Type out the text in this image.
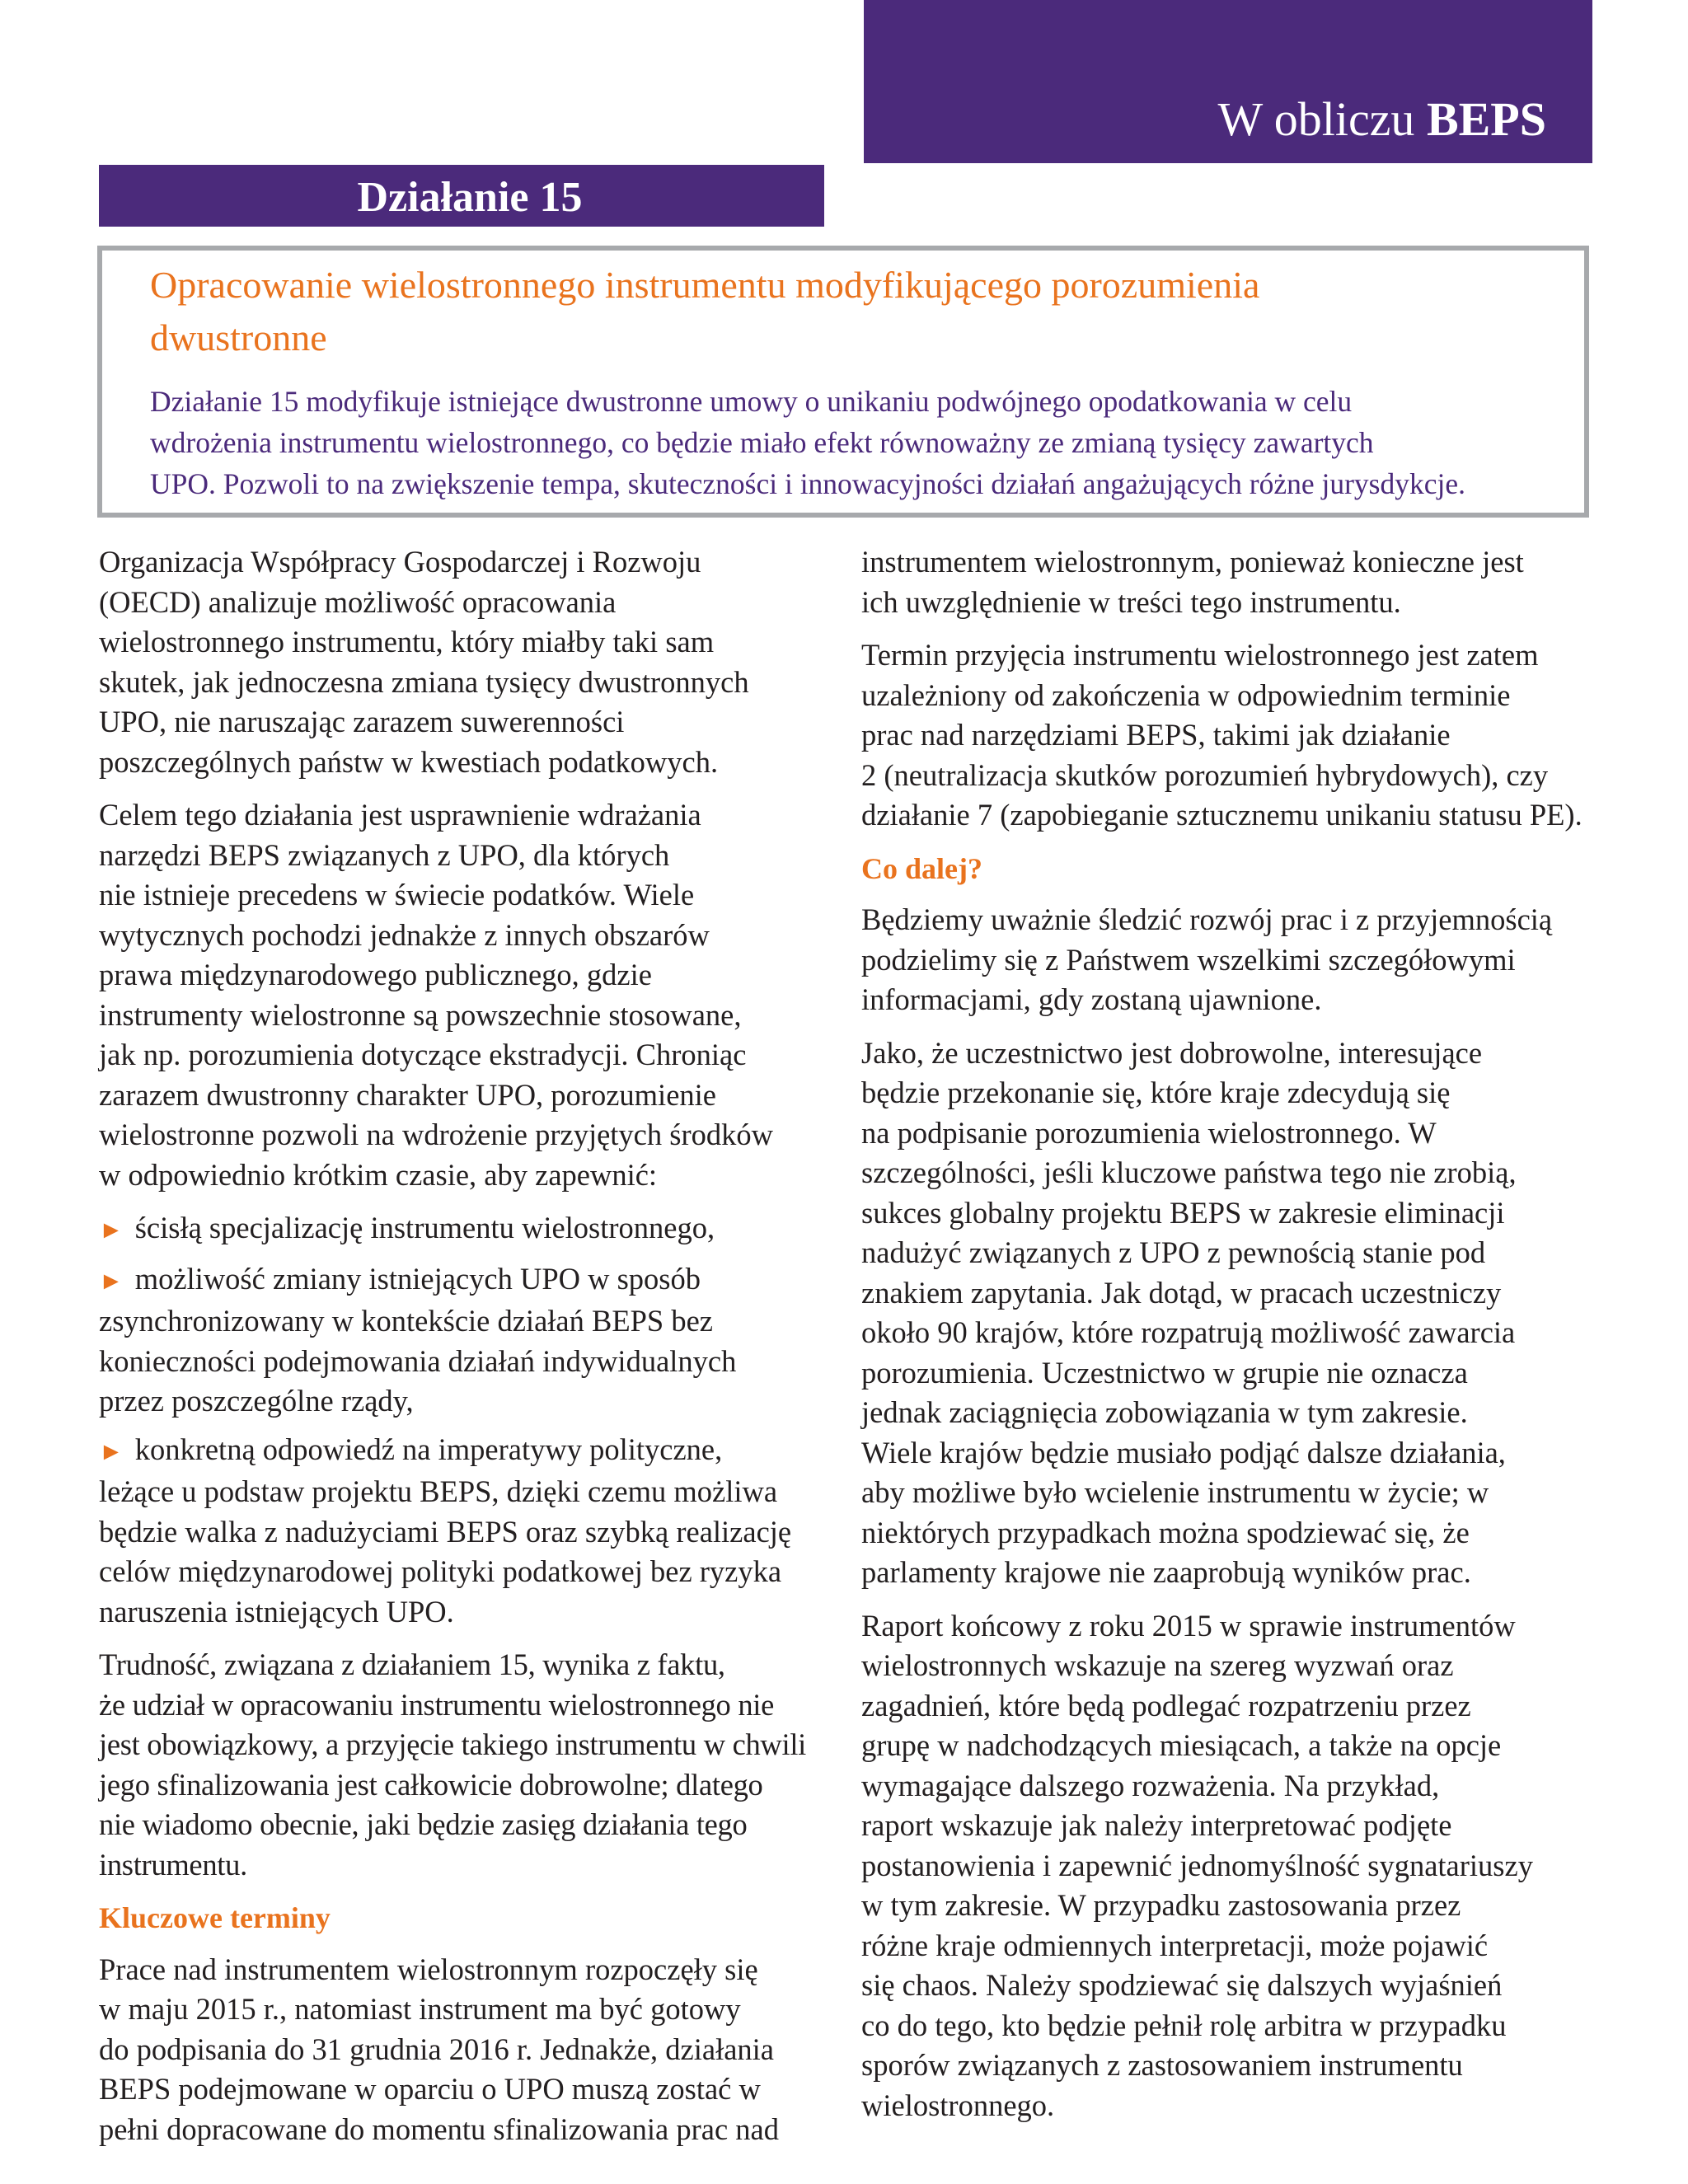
W obliczu BEPS
Działanie 15
Opracowanie wielostronnego instrumentu modyfikującego porozumienia
dwustronne

Działanie 15 modyfikuje istniejące dwustronne umowy o unikaniu podwójnego opodatkowania w celu
wdrożenia instrumentu wielostronnego, co będzie miało efekt równoważny ze zmianą tysięcy zawartych
UPO. Pozwoli to na zwiększenie tempa, skuteczności i innowacyjności działań angażujących różne jurysdykcje.

Organizacja Współpracy Gospodarczej i Rozwoju
(OECD) analizuje możliwość opracowania
wielostronnego instrumentu, który miałby taki sam
skutek, jak jednoczesna zmiana tysięcy dwustronnych
UPO, nie naruszając zarazem suwerenności
poszczególnych państw w kwestiach podatkowych.

Celem tego działania jest usprawnienie wdrażania
narzędzi BEPS związanych z UPO, dla których
nie istnieje precedens w świecie podatków. Wiele
wytycznych pochodzi jednakże z innych obszarów
prawa międzynarodowego publicznego, gdzie
instrumenty wielostronne są powszechnie stosowane,
jak np. porozumienia dotyczące ekstradycji. Chroniąc
zarazem dwustronny charakter UPO, porozumienie
wielostronne pozwoli na wdrożenie przyjętych środków
w odpowiednio krótkim czasie, aby zapewnić:

► ścisłą specjalizację instrumentu wielostronnego,
► możliwość zmiany istniejących UPO w sposób
zsynchronizowany w kontekście działań BEPS bez
konieczności podejmowania działań indywidualnych
przez poszczególne rządy,
► konkretną odpowiedź na imperatywy polityczne,
leżące u podstaw projektu BEPS, dzięki czemu możliwa
będzie walka z nadużyciami BEPS oraz szybką realizację
celów międzynarodowej polityki podatkowej bez ryzyka
naruszenia istniejących UPO.

Trudność, związana z działaniem 15, wynika z faktu,
że udział w opracowaniu instrumentu wielostronnego nie
jest obowiązkowy, a przyjęcie takiego instrumentu w chwili
jego sfinalizowania jest całkowicie dobrowolne; dlatego
nie wiadomo obecnie, jaki będzie zasięg działania tego
instrumentu.

Kluczowe terminy

Prace nad instrumentem wielostronnym rozpoczęły się
w maju 2015 r., natomiast instrument ma być gotowy
do podpisania do 31 grudnia 2016 r. Jednakże, działania
BEPS podejmowane w oparciu o UPO muszą zostać w
pełni dopracowane do momentu sfinalizowania prac nad

instrumentem wielostronnym, ponieważ konieczne jest
ich uwzględnienie w treści tego instrumentu.

Termin przyjęcia instrumentu wielostronnego jest zatem
uzależniony od zakończenia w odpowiednim terminie
prac nad narzędziami BEPS, takimi jak działanie
2 (neutralizacja skutków porozumień hybrydowych), czy
działanie 7 (zapobieganie sztucznemu unikaniu statusu PE).

Co dalej?

Będziemy uważnie śledzić rozwój prac i z przyjemnością
podzielimy się z Państwem wszelkimi szczegółowymi
informacjami, gdy zostaną ujawnione.

Jako, że uczestnictwo jest dobrowolne, interesujące
będzie przekonanie się, które kraje zdecydują się
na podpisanie porozumienia wielostronnego. W
szczególności, jeśli kluczowe państwa tego nie zrobią,
sukces globalny projektu BEPS w zakresie eliminacji
nadużyć związanych z UPO z pewnością stanie pod
znakiem zapytania. Jak dotąd, w pracach uczestniczy
około 90 krajów, które rozpatrują możliwość zawarcia
porozumienia. Uczestnictwo w grupie nie oznacza
jednak zaciągnięcia zobowiązania w tym zakresie.
Wiele krajów będzie musiało podjąć dalsze działania,
aby możliwe było wcielenie instrumentu w życie; w
niektórych przypadkach można spodziewać się, że
parlamenty krajowe nie zaaprobują wyników prac.

Raport końcowy z roku 2015 w sprawie instrumentów
wielostronnych wskazuje na szereg wyzwań oraz
zagadnień, które będą podlegać rozpatrzeniu przez
grupę w nadchodzących miesiącach, a także na opcje
wymagające dalszego rozważenia. Na przykład,
raport wskazuje jak należy interpretować podjęte
postanowienia i zapewnić jednomyślność sygnatariuszy
w tym zakresie. W przypadku zastosowania przez
różne kraje odmiennych interpretacji, może pojawić
się chaos. Należy spodziewać się dalszych wyjaśnień
co do tego, kto będzie pełnił rolę arbitra w przypadku
sporów związanych z zastosowaniem instrumentu
wielostronnego.
